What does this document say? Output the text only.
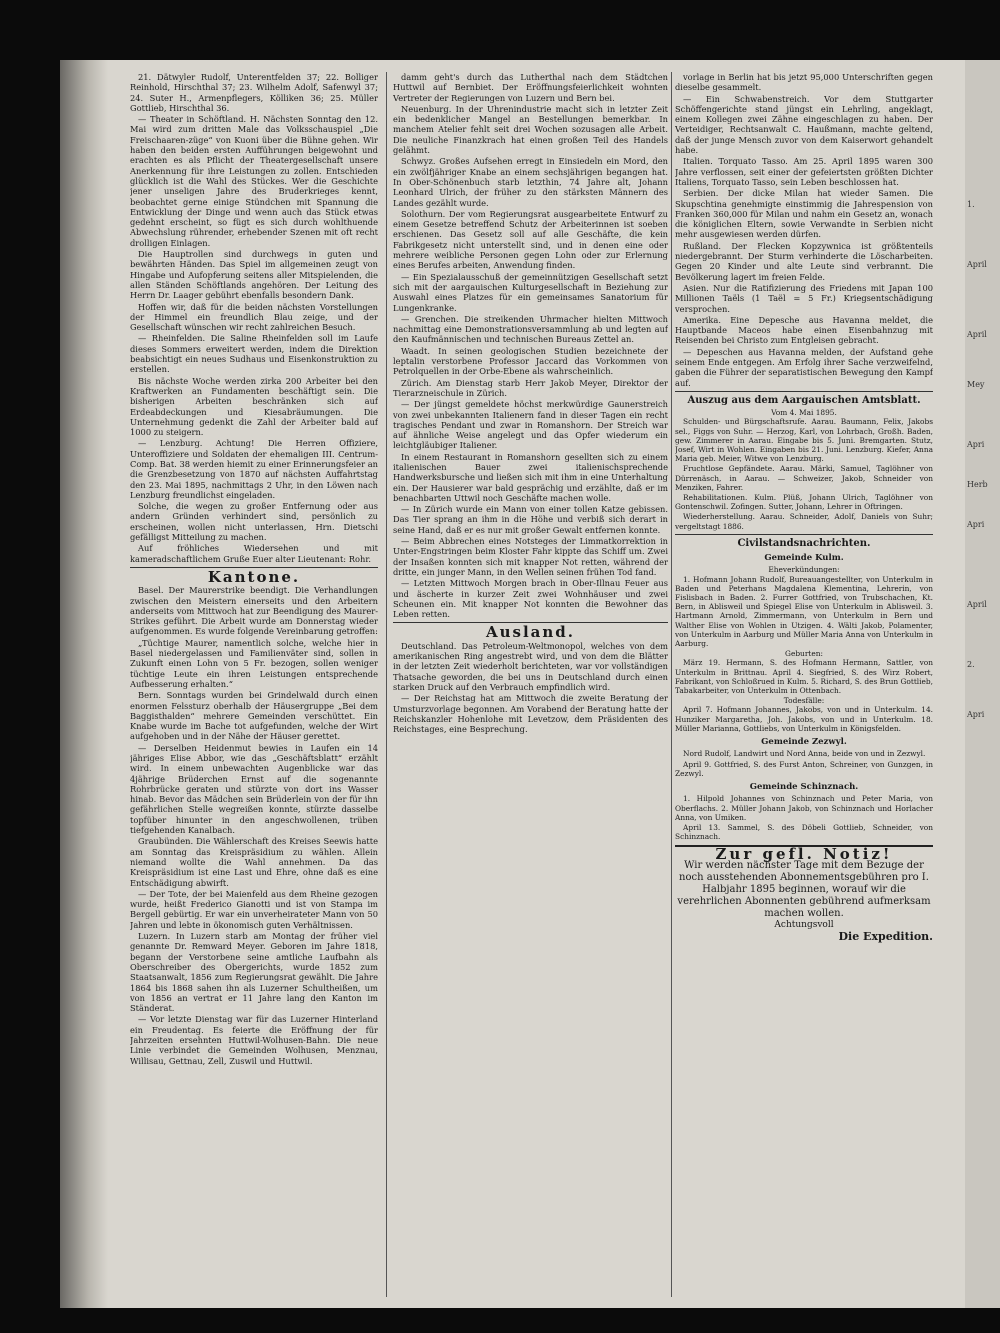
1.
April
April
Mey
Apri
Herb
Apri
April
2.
Apri

21. Dätwyler Rudolf, Unterentfelden 37; 22. Bolliger Reinhold, Hirschthal 37; 23. Wilhelm Adolf, Safenwyl 37; 24. Suter H., Armenpflegers, Kölliken 36; 25. Müller Gottlieb, Hirschthal 36.

— Theater in Schöftland. H. Nächsten Sonntag den 12. Mai wird zum dritten Male das Volksschauspiel „Die Freischaaren-züge“ von Kuoni über die Bühne gehen. Wir haben den beiden ersten Aufführungen beigewohnt und erachten es als Pflicht der Theatergesellschaft unsere Anerkennung für ihre Leistungen zu zollen. Entschieden glücklich ist die Wahl des Stückes. Wer die Geschichte jener unseligen Jahre des Bruderkrieges kennt, beobachtet gerne einige Stündchen mit Spannung die Entwicklung der Dinge und wenn auch das Stück etwas gedehnt erscheint, so fügt es sich durch wohlthuende Abwechslung rührender, erhebender Szenen mit oft recht drolligen Einlagen.

Die Hauptrollen sind durchwegs in guten und bewährten Händen. Das Spiel im allgemeinen zeugt von Hingabe und Aufopferung seitens aller Mitspielenden, die allen Ständen Schöftlands angehören. Der Leitung des Herrn Dr. Laager gebührt ebenfalls besondern Dank.

Hoffen wir, daß für die beiden nächsten Vorstellungen der Himmel ein freundlich Blau zeige, und der Gesellschaft wünschen wir recht zahlreichen Besuch.

— Rheinfelden. Die Saline Rheinfelden soll im Laufe dieses Sommers erweitert werden, indem die Direktion beabsichtigt ein neues Sudhaus und Eisenkonstruktion zu erstellen.

Bis nächste Woche werden zirka 200 Arbeiter bei den Kraftwerken an Fundamenten beschäftigt sein. Die bisherigen Arbeiten beschränken sich auf Erdeabdeckungen und Kiesabräumungen. Die Unternehmung gedenkt die Zahl der Arbeiter bald auf 1000 zu steigern.

— Lenzburg. Achtung! Die Herren Offiziere, Unteroffiziere und Soldaten der ehemaligen III. Centrum-Comp. Bat. 38 werden hiemit zu einer Erinnerungsfeier an die Grenzbesetzung von 1870 auf nächsten Auffahrtstag den 23. Mai 1895, nachmittags 2 Uhr, in den Löwen nach Lenzburg freundlichst eingeladen.

Solche, die wegen zu großer Entfernung oder aus andern Gründen verhindert sind, persönlich zu erscheinen, wollen nicht unterlassen, Hrn. Dietschi gefälligst Mitteilung zu machen.

Auf fröhliches Wiedersehen und mit kameradschaftlichem Gruße Euer alter Lieutenant: Rohr.

Kantone.

Basel. Der Maurerstrike beendigt. Die Verhandlungen zwischen den Meistern einerseits und den Arbeitern anderseits vom Mittwoch hat zur Beendigung des Maurer-Strikes geführt. Die Arbeit wurde am Donnerstag wieder aufgenommen. Es wurde folgende Vereinbarung getroffen:

„Tüchtige Maurer, namentlich solche, welche hier in Basel niedergelassen und Familienväter sind, sollen in Zukunft einen Lohn von 5 Fr. bezogen, sollen weniger tüchtige Leute ein ihren Leistungen entsprechende Aufbesserung erhalten.“

Bern. Sonntags wurden bei Grindelwald durch einen enormen Felssturz oberhalb der Häusergruppe „Bei dem Baggisthalden“ mehrere Gemeinden verschüttet. Ein Knabe wurde im Bache tot aufgefunden, welche der Wirt aufgehoben und in der Nähe der Häuser gerettet.

— Derselben Heidenmut bewies in Laufen ein 14 jähriges Elise Abbor, wie das „Geschäftsblatt“ erzählt wird. In einem unbewachten Augenblicke war das 4jährige Brüderchen Ernst auf die sogenannte Rohrbrücke geraten und stürzte von dort ins Wasser hinab. Bevor das Mädchen sein Brüderlein von der für ihn gefährlichen Stelle wegreißen konnte, stürzte dasselbe topfüber hinunter in den angeschwollenen, trüben tiefgehenden Kanalbach.

Graubünden. Die Wählerschaft des Kreises Seewis hatte am Sonntag das Kreispräsidium zu wählen. Allein niemand wollte die Wahl annehmen. Da das Kreispräsidium ist eine Last und Ehre, ohne daß es eine Entschädigung abwirft.

— Der Tote, der bei Maienfeld aus dem Rheine gezogen wurde, heißt Frederico Gianotti und ist von Stampa im Bergell gebürtig. Er war ein unverheirateter Mann von 50 Jahren und lebte in ökonomisch guten Verhältnissen.

Luzern. In Luzern starb am Montag der früher viel genannte Dr. Remward Meyer. Geboren im Jahre 1818, begann der Verstorbene seine amtliche Laufbahn als Oberschreiber des Obergerichts, wurde 1852 zum Staatsanwalt, 1856 zum Regierungsrat gewählt. Die Jahre 1864 bis 1868 sahen ihn als Luzerner Schultheißen, um von 1856 an vertrat er 11 Jahre lang den Kanton im Ständerat.

— Vor letzte Dienstag war für das Luzerner Hinterland ein Freudentag. Es feierte die Eröffnung der für Jahrzeiten ersehnten Huttwil-Wolhusen-Bahn. Die neue Linie verbindet die Gemeinden Wolhusen, Menznau, Willisau, Gettnau, Zell, Zuswil und Huttwil.

damm geht's durch das Lutherthal nach dem Städtchen Huttwil auf Bernbiet. Der Eröffnungsfeierlichkeit wohnten Vertreter der Regierungen von Luzern und Bern bei.

Neuenburg. In der Uhrenindustrie macht sich in letzter Zeit ein bedenklicher Mangel an Bestellungen bemerkbar. In manchem Atelier fehlt seit drei Wochen sozusagen alle Arbeit. Die neuliche Finanzkrach hat einen großen Teil des Handels gelähmt.

Schwyz. Großes Aufsehen erregt in Einsiedeln ein Mord, den ein zwölfjähriger Knabe an einem sechsjährigen begangen hat. In Ober-Schönenbuch starb letzthin, 74 Jahre alt, Johann Leonhard Ulrich, der früher zu den stärksten Männern des Landes gezählt wurde.

Solothurn. Der vom Regierungsrat ausgearbeitete Entwurf zu einem Gesetze betreffend Schutz der Arbeiterinnen ist soeben erschienen. Das Gesetz soll auf alle Geschäfte, die kein Fabrikgesetz nicht unterstellt sind, und in denen eine oder mehrere weibliche Personen gegen Lohn oder zur Erlernung eines Berufes arbeiten, Anwendung finden.

— Ein Spezialausschuß der gemeinnützigen Gesellschaft setzt sich mit der aargauischen Kulturgesellschaft in Beziehung zur Auswahl eines Platzes für ein gemeinsames Sanatorium für Lungenkranke.

— Grenchen. Die streikenden Uhrmacher hielten Mittwoch nachmittag eine Demonstrationsversammlung ab und legten auf den Kaufmännischen und technischen Bureaus Zettel an.

Waadt. In seinen geologischen Studien bezeichnete der leptalin verstorbene Professor Jaccard das Vorkommen von Petrolquellen in der Orbe-Ebene als wahrscheinlich.

Zürich. Am Dienstag starb Herr Jakob Meyer, Direktor der Tierarzneischule in Zürich.

— Der jüngst gemeldete höchst merkwürdige Gaunerstreich von zwei unbekannten Italienern fand in dieser Tagen ein recht tragisches Pendant und zwar in Romanshorn. Der Streich war auf ähnliche Weise angelegt und das Opfer wiederum ein leichtgläubiger Italiener.

In einem Restaurant in Romanshorn gesellten sich zu einem italienischen Bauer zwei italienischsprechende Handwerksbursche und ließen sich mit ihm in eine Unterhaltung ein. Der Hausierer war bald gesprächig und erzählte, daß er im benachbarten Uttwil noch Geschäfte machen wolle.

— In Zürich wurde ein Mann von einer tollen Katze gebissen. Das Tier sprang an ihm in die Höhe und verbiß sich derart in seine Hand, daß er es nur mit großer Gewalt entfernen konnte.

— Beim Abbrechen eines Notsteges der Limmatkorrektion in Unter-Engstringen beim Kloster Fahr kippte das Schiff um. Zwei der Insaßen konnten sich mit knapper Not retten, während der dritte, ein junger Mann, in den Wellen seinen frühen Tod fand.

— Letzten Mittwoch Morgen brach in Ober-Illnau Feuer aus und äscherte in kurzer Zeit zwei Wohnhäuser und zwei Scheunen ein. Mit knapper Not konnten die Bewohner das Leben retten.

Ausland.

Deutschland. Das Petroleum-Weltmonopol, welches von dem amerikanischen Ring angestrebt wird, und von dem die Blätter in der letzten Zeit wiederholt berichteten, war vor vollständigen Thatsache geworden, die bei uns in Deutschland durch einen starken Druck auf den Verbrauch empfindlich wird.

— Der Reichstag hat am Mittwoch die zweite Beratung der Umsturzvorlage begonnen. Am Vorabend der Beratung hatte der Reichskanzler Hohenlohe mit Levetzow, dem Präsidenten des Reichstages, eine Besprechung.

vorlage in Berlin hat bis jetzt 95,000 Unterschriften gegen dieselbe gesammelt.

— Ein Schwabenstreich. Vor dem Stuttgarter Schöffengerichte stand jüngst ein Lehrling, angeklagt, einem Kollegen zwei Zähne eingeschlagen zu haben. Der Verteidiger, Rechtsanwalt C. Haußmann, machte geltend, daß der junge Mensch zuvor von dem Kaiserwort gehandelt habe.

Italien. Torquato Tasso. Am 25. April 1895 waren 300 Jahre verflossen, seit einer der gefeiertsten größten Dichter Italiens, Torquato Tasso, sein Leben beschlossen hat.

Serbien. Der dicke Milan hat wieder Samen. Die Skupschtina genehmigte einstimmig die Jahrespension von Franken 360,000 für Milan und nahm ein Gesetz an, wonach die königlichen Eltern, sowie Verwandte in Serbien nicht mehr ausgewiesen werden dürfen.

Rußland. Der Flecken Kopzywnica ist größtenteils niedergebrannt. Der Sturm verhinderte die Löscharbeiten. Gegen 20 Kinder und alte Leute sind verbrannt. Die Bevölkerung lagert im freien Felde.

Asien. Nur die Ratifizierung des Friedens mit Japan 100 Millionen Taëls (1 Taël = 5 Fr.) Kriegsentschädigung versprochen.

Amerika. Eine Depesche aus Havanna meldet, die Hauptbande Maceos habe einen Eisenbahnzug mit Reisenden bei Christo zum Entgleisen gebracht.

— Depeschen aus Havanna melden, der Aufstand gehe seinem Ende entgegen. Am Erfolg ihrer Sache verzweifelnd, gaben die Führer der separatistischen Bewegung den Kampf auf.

Auszug aus dem Aargauischen Amtsblatt.
Vom 4. Mai 1895.

Schulden- und Bürgschaftsrufe. Aarau. Baumann, Felix, Jakobs sel., Figgs von Suhr. — Herzog, Karl, von Lohrbach, Großh. Baden, gew. Zimmerer in Aarau. Eingabe bis 5. Juni. Bremgarten. Stutz, Josef, Wirt in Wohlen. Eingaben bis 21. Juni. Lenzburg. Kiefer, Anna Maria geb. Meier, Witwe von Lenzburg.

Fruchtlose Gepfändete. Aarau. Märki, Samuel, Taglöhner von Dürrenäsch, in Aarau. — Schweizer, Jakob, Schneider von Menziken, Fahrer.

Rehabilitationen. Kulm. Plüß, Johann Ulrich, Taglöhner von Gontenschwil. Zofingen. Sutter, Johann, Lehrer in Oftringen.

Wiederherstellung. Aarau. Schneider, Adolf, Daniels von Suhr; vergeltstagt 1886.

Civilstandsnachrichten.
Gemeinde Kulm.
Eheverkündungen:

1. Hofmann Johann Rudolf, Bureauangestellter, von Unterkulm in Baden und Peterhans Magdalena Klementina, Lehrerin, von Fislisbach in Baden. 2. Furrer Gottfried, von Trubschachen, Kt. Bern, in Ablisweil und Spiegel Elise von Unterkulm in Ablisweil. 3. Hartmann Arnold, Zimmermann, von Unterkulm in Bern und Walther Elise von Wohlen in Utzigen. 4. Wälti Jakob, Polamenter, von Unterkulm in Aarburg und Müller Maria Anna von Unterkulm in Aarburg.

Geburten:

März 19. Hermann, S. des Hofmann Hermann, Sattler, von Unterkulm in Brittnau. April 4. Siegfried, S. des Wirz Robert, Fabrikant, von Schloßrued in Kulm. 5. Richard, S. des Brun Gottlieb, Tabakarbeiter, von Unterkulm in Ottenbach.

Todesfälle:

April 7. Hofmann Johannes, Jakobs, von und in Unterkulm. 14. Hunziker Margaretha, Joh. Jakobs, von und in Unterkulm. 18. Müller Marianna, Gottliebs, von Unterkulm in Königsfelden.

Gemeinde Zezwyl.

Nord Rudolf, Landwirt und Nord Anna, beide von und in Zezwyl.

April 9. Gottfried, S. des Furst Anton, Schreiner, von Gunzgen, in Zezwyl.

Gemeinde Schinznach.

1. Hilpold Johannes von Schinznach und Peter Maria, von Oberflachs. 2. Müller Johann Jakob, von Schinznach und Horlacher Anna, von Umiken.

April 13. Sammel, S. des Döbeli Gottlieb, Schneider, von Schinznach.

Zur gefl. Notiz!
Wir werden nächster Tage mit dem Bezuge der noch ausstehenden Abonnementsgebühren pro I. Halbjahr 1895 beginnen, worauf wir die verehrlichen Abonnenten gebührend aufmerksam machen wollen.
Achtungsvoll
Die Expedition.
